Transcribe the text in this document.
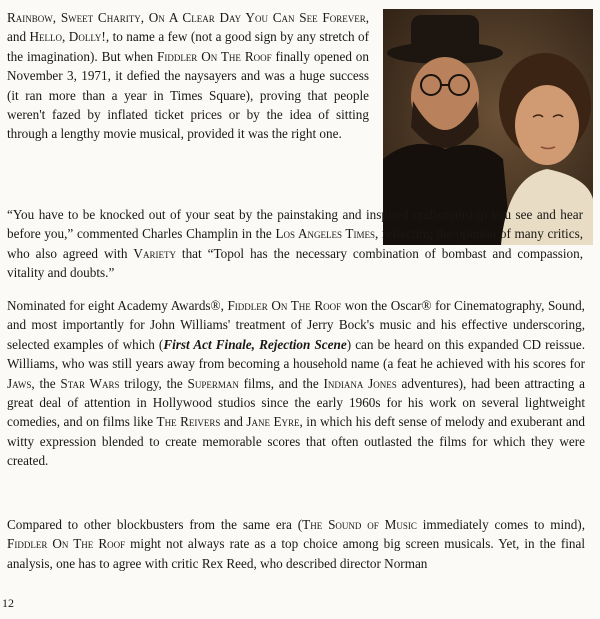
Rainbow, Sweet Charity, On A Clear Day You Can See Forever, and Hello, Dolly!, to name a few (not a good sign by any stretch of the imagination). But when Fiddler On The Roof finally opened on November 3, 1971, it defied the naysayers and was a huge success (it ran more than a year in Times Square), proving that people weren't fazed by inflated ticket prices or by the idea of sitting through a lengthy movie musical, provided it was the right one.

“You have to be knocked out of your seat by the painstaking and inspired craftsmanship you see and hear before you,” commented Charles Champlin in the Los Angeles Times, reflecting the opinion of many critics, who also agreed with Variety that “Topol has the necessary combination of bombast and compassion, vitality and doubts.”

Nominated for eight Academy Awards®, Fiddler On The Roof won the Oscar® for Cinematography, Sound, and most importantly for John Williams' treatment of Jerry Bock's music and his effective underscoring, selected examples of which (First Act Finale, Rejection Scene) can be heard on this expanded CD reissue. Williams, who was still years away from becoming a household name (a feat he achieved with his scores for Jaws, the Star Wars trilogy, the Superman films, and the Indiana Jones adventures), had been attracting a great deal of attention in Hollywood studios since the early 1960s for his work on several lightweight comedies, and on films like The Reivers and Jane Eyre, in which his deft sense of melody and exuberant and witty expression blended to create memorable scores that often outlasted the films for which they were created.

Compared to other blockbusters from the same era (The Sound of Music immediately comes to mind), Fiddler On The Roof might not always rate as a top choice among big screen musicals. Yet, in the final analysis, one has to agree with critic Rex Reed, who described director Norman

12
